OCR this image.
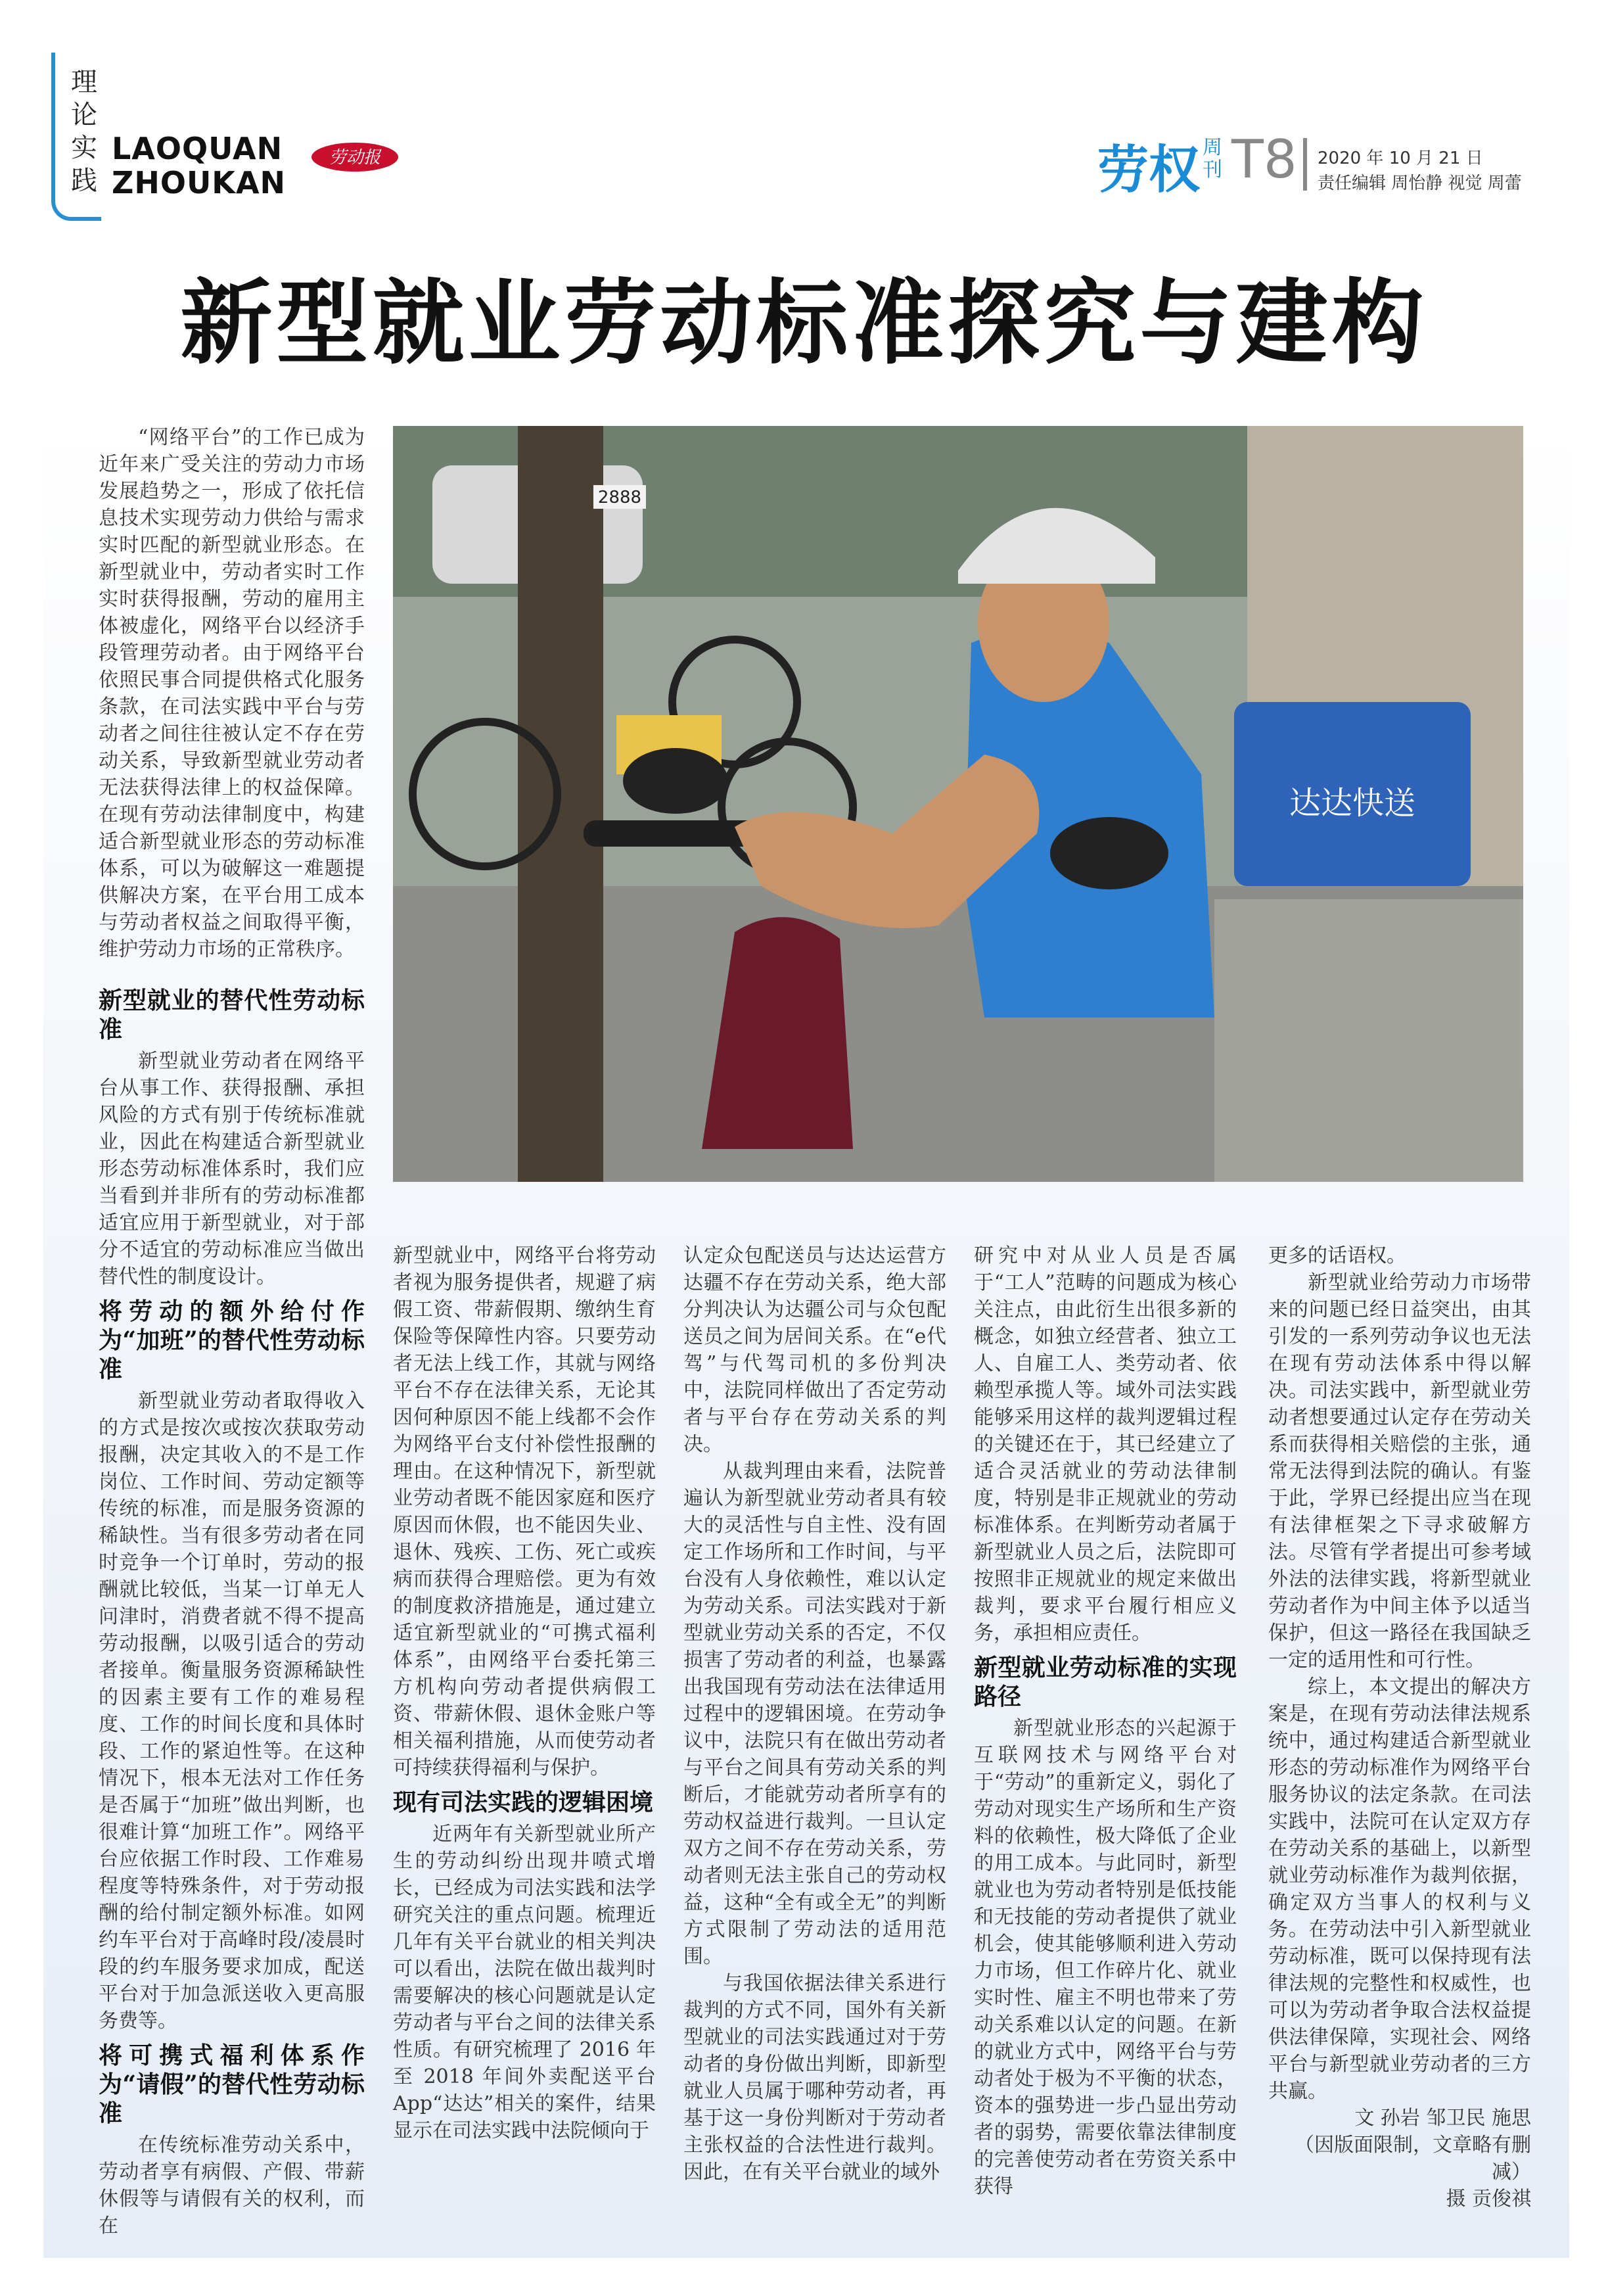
理论实践
LAOQUAN
ZHOUKAN
劳动报	劳权 周刊 T8 2020 年 10 月 21 日
责任编辑 周怡静 视觉 周蕾
新型就业劳动标准探究与建构
达达快送
2888

“网络平台”的工作已成为近年来广受关注的劳动力市场发展趋势之一，形成了依托信息技术实现劳动力供给与需求实时匹配的新型就业形态。在新型就业中，劳动者实时工作实时获得报酬，劳动的雇用主体被虚化，网络平台以经济手段管理劳动者。由于网络平台依照民事合同提供格式化服务条款，在司法实践中平台与劳动者之间往往被认定不存在劳动关系，导致新型就业劳动者无法获得法律上的权益保障。在现有劳动法律制度中，构建适合新型就业形态的劳动标准体系，可以为破解这一难题提供解决方案，在平台用工成本与劳动者权益之间取得平衡，维护劳动力市场的正常秩序。

新型就业的替代性劳动标准

新型就业劳动者在网络平台从事工作、获得报酬、承担风险的方式有别于传统标准就业，因此在构建适合新型就业形态劳动标准体系时，我们应当看到并非所有的劳动标准都适宜应用于新型就业，对于部分不适宜的劳动标准应当做出替代性的制度设计。

将劳动的额外给付作为“加班”的替代性劳动标准

新型就业劳动者取得收入的方式是按次或按次获取劳动报酬，决定其收入的不是工作岗位、工作时间、劳动定额等传统的标准，而是服务资源的稀缺性。当有很多劳动者在同时竞争一个订单时，劳动的报酬就比较低，当某一订单无人问津时，消费者就不得不提高劳动报酬，以吸引适合的劳动者接单。衡量服务资源稀缺性的因素主要有工作的难易程度、工作的时间长度和具体时段、工作的紧迫性等。在这种情况下，根本无法对工作任务是否属于“加班”做出判断，也很难计算“加班工作”。网络平台应依据工作时段、工作难易程度等特殊条件，对于劳动报酬的给付制定额外标准。如网约车平台对于高峰时段/凌晨时段的约车服务要求加成，配送平台对于加急派送收入更高服务费等。

将可携式福利体系作为“请假”的替代性劳动标准

在传统标准劳动关系中，劳动者享有病假、产假、带薪休假等与请假有关的权利，而在

新型就业中，网络平台将劳动者视为服务提供者，规避了病假工资、带薪假期、缴纳生育保险等保障性内容。只要劳动者无法上线工作，其就与网络平台不存在法律关系，无论其因何种原因不能上线都不会作为网络平台支付补偿性报酬的理由。在这种情况下，新型就业劳动者既不能因家庭和医疗原因而休假，也不能因失业、退休、残疾、工伤、死亡或疾病而获得合理赔偿。更为有效的制度救济措施是，通过建立适宜新型就业的“可携式福利体系”，由网络平台委托第三方机构向劳动者提供病假工资、带薪休假、退休金账户等相关福利措施，从而使劳动者可持续获得福利与保护。

现有司法实践的逻辑困境

近两年有关新型就业所产生的劳动纠纷出现井喷式增长，已经成为司法实践和法学研究关注的重点问题。梳理近几年有关平台就业的相关判决可以看出，法院在做出裁判时需要解决的核心问题就是认定劳动者与平台之间的法律关系性质。有研究梳理了 2016 年至 2018 年间外卖配送平台 App“达达”相关的案件，结果显示在司法实践中法院倾向于

认定众包配送员与达达运营方达疆不存在劳动关系，绝大部分判决认为达疆公司与众包配送员之间为居间关系。在“e代驾”与代驾司机的多份判决中，法院同样做出了否定劳动者与平台存在劳动关系的判决。

从裁判理由来看，法院普遍认为新型就业劳动者具有较大的灵活性与自主性、没有固定工作场所和工作时间，与平台没有人身依赖性，难以认定为劳动关系。司法实践对于新型就业劳动关系的否定，不仅损害了劳动者的利益，也暴露出我国现有劳动法在法律适用过程中的逻辑困境。在劳动争议中，法院只有在做出劳动者与平台之间具有劳动关系的判断后，才能就劳动者所享有的劳动权益进行裁判。一旦认定双方之间不存在劳动关系，劳动者则无法主张自己的劳动权益，这种“全有或全无”的判断方式限制了劳动法的适用范围。

与我国依据法律关系进行裁判的方式不同，国外有关新型就业的司法实践通过对于劳动者的身份做出判断，即新型就业人员属于哪种劳动者，再基于这一身份判断对于劳动者主张权益的合法性进行裁判。因此，在有关平台就业的域外

研究中对从业人员是否属于“工人”范畴的问题成为核心关注点，由此衍生出很多新的概念，如独立经营者、独立工人、自雇工人、类劳动者、依赖型承揽人等。域外司法实践能够采用这样的裁判逻辑过程的关键还在于，其已经建立了适合灵活就业的劳动法律制度，特别是非正规就业的劳动标准体系。在判断劳动者属于新型就业人员之后，法院即可按照非正规就业的规定来做出裁判，要求平台履行相应义务，承担相应责任。

新型就业劳动标准的实现路径

新型就业形态的兴起源于互联网技术与网络平台对于“劳动”的重新定义，弱化了劳动对现实生产场所和生产资料的依赖性，极大降低了企业的用工成本。与此同时，新型就业也为劳动者特别是低技能和无技能的劳动者提供了就业机会，使其能够顺利进入劳动力市场，但工作碎片化、就业实时性、雇主不明也带来了劳动关系难以认定的问题。在新的就业方式中，网络平台与劳动者处于极为不平衡的状态，资本的强势进一步凸显出劳动者的弱势，需要依靠法律制度的完善使劳动者在劳资关系中获得

更多的话语权。

新型就业给劳动力市场带来的问题已经日益突出，由其引发的一系列劳动争议也无法在现有劳动法体系中得以解决。司法实践中，新型就业劳动者想要通过认定存在劳动关系而获得相关赔偿的主张，通常无法得到法院的确认。有鉴于此，学界已经提出应当在现有法律框架之下寻求破解方法。尽管有学者提出可参考域外法的法律实践，将新型就业劳动者作为中间主体予以适当保护，但这一路径在我国缺乏一定的适用性和可行性。

综上，本文提出的解决方案是，在现有劳动法律法规系统中，通过构建适合新型就业形态的劳动标准作为网络平台服务协议的法定条款。在司法实践中，法院可在认定双方存在劳动关系的基础上，以新型就业劳动标准作为裁判依据，确定双方当事人的权利与义务。在劳动法中引入新型就业劳动标准，既可以保持现有法律法规的完整性和权威性，也可以为劳动者争取合法权益提供法律保障，实现社会、网络平台与新型就业劳动者的三方共赢。

文 孙岩 邹卫民 施思

（因版面限制，文章略有删减）

摄 贡俊祺
